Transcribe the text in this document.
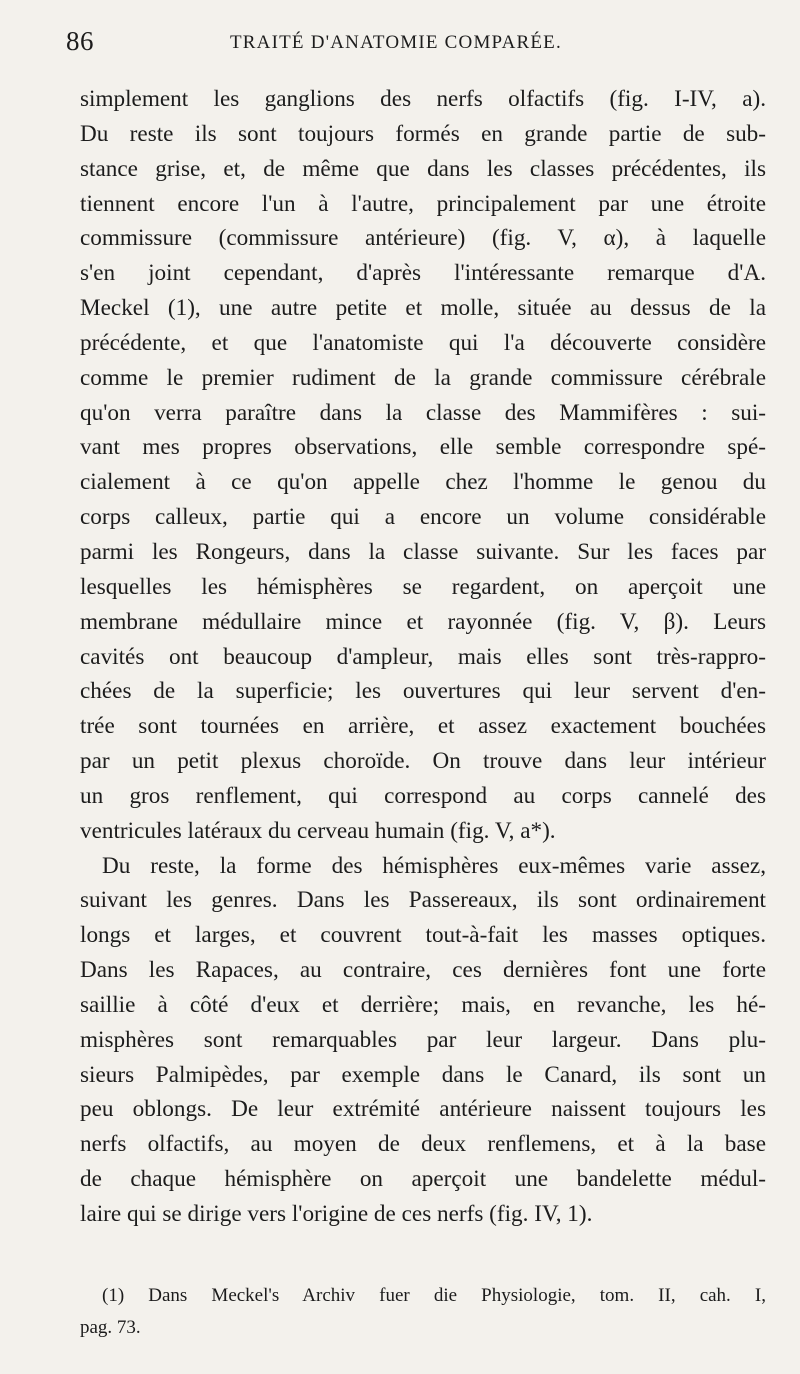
86	TRAITÉ D'ANATOMIE COMPARÉE.
simplement les ganglions des nerfs olfactifs (fig. I-IV, a).
Du reste ils sont toujours formés en grande partie de sub-
stance grise, et, de même que dans les classes précédentes, ils
tiennent encore l'un à l'autre, principalement par une étroite
commissure (commissure antérieure) (fig. V, α), à laquelle
s'en joint cependant, d'après l'intéressante remarque d'A.
Meckel (1), une autre petite et molle, située au dessus de la
précédente, et que l'anatomiste qui l'a découverte considère
comme le premier rudiment de la grande commissure cérébrale
qu'on verra paraître dans la classe des Mammifères : sui-
vant mes propres observations, elle semble correspondre spé-
cialement à ce qu'on appelle chez l'homme le genou du
corps calleux, partie qui a encore un volume considérable
parmi les Rongeurs, dans la classe suivante. Sur les faces par
lesquelles les hémisphères se regardent, on aperçoit une
membrane médullaire mince et rayonnée (fig. V, β). Leurs
cavités ont beaucoup d'ampleur, mais elles sont très-rappro-
chées de la superficie; les ouvertures qui leur servent d'en-
trée sont tournées en arrière, et assez exactement bouchées
par un petit plexus choroïde. On trouve dans leur intérieur
un gros renflement, qui correspond au corps cannelé des
ventricules latéraux du cerveau humain (fig. V, a*).
Du reste, la forme des hémisphères eux-mêmes varie assez,
suivant les genres. Dans les Passereaux, ils sont ordinairement
longs et larges, et couvrent tout-à-fait les masses optiques.
Dans les Rapaces, au contraire, ces dernières font une forte
saillie à côté d'eux et derrière; mais, en revanche, les hé-
misphères sont remarquables par leur largeur. Dans plu-
sieurs Palmipèdes, par exemple dans le Canard, ils sont un
peu oblongs. De leur extrémité antérieure naissent toujours les
nerfs olfactifs, au moyen de deux renflemens, et à la base
de chaque hémisphère on aperçoit une bandelette médul-
laire qui se dirige vers l'origine de ces nerfs (fig. IV, 1).
(1) Dans Meckel's Archiv fuer die Physiologie, tom. II, cah. I,
pag. 73.
